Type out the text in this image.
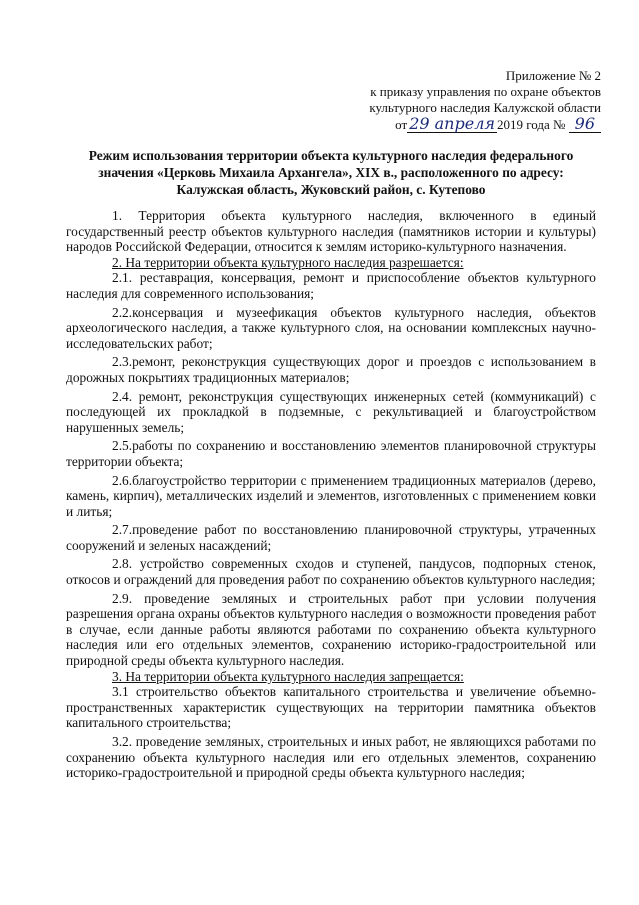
Приложение № 2
к приказу управления по охране объектов
культурного наследия Калужской области
от 29 апреля 2019 года № 96
Режим использования территории объекта культурного наследия федерального значения «Церковь Михаила Архангела», XIX в., расположенного по адресу: Калужская область, Жуковский район, с. Кутепово

1. Территория объекта культурного наследия, включенного в единый государственный реестр объектов культурного наследия (памятников истории и культуры) народов Российской Федерации, относится к землям историко-культурного назначения.

2. На территории объекта культурного наследия разрешается:

2.1. реставрация, консервация, ремонт и приспособление объектов культурного наследия для современного использования;

2.2.консервация и музеефикация объектов культурного наследия, объектов археологического наследия, а также культурного слоя, на основании комплексных научно-исследовательских работ;

2.3.ремонт, реконструкция существующих дорог и проездов с использованием в дорожных покрытиях традиционных материалов;

2.4. ремонт, реконструкция существующих инженерных сетей (коммуникаций) с последующей их прокладкой в подземные, с рекультивацией и благоустройством нарушенных земель;

2.5.работы по сохранению и восстановлению элементов планировочной структуры территории объекта;

2.6.благоустройство территории с применением традиционных материалов (дерево, камень, кирпич), металлических изделий и элементов, изготовленных с применением ковки и литья;

2.7.проведение работ по восстановлению планировочной структуры, утраченных сооружений и зеленых насаждений;

2.8. устройство современных сходов и ступеней, пандусов, подпорных стенок, откосов и ограждений для проведения работ по сохранению объектов культурного наследия;

2.9. проведение земляных и строительных работ при условии получения разрешения органа охраны объектов культурного наследия о возможности проведения работ в случае, если данные работы являются работами по сохранению объекта культурного наследия или его отдельных элементов, сохранению историко-градостроительной или природной среды объекта культурного наследия.

3. На территории объекта культурного наследия запрещается:

3.1 строительство объектов капитального строительства и увеличение объемно-пространственных характеристик существующих на территории памятника объектов капитального строительства;

3.2. проведение земляных, строительных и иных работ, не являющихся работами по сохранению объекта культурного наследия или его отдельных элементов, сохранению историко-градостроительной и природной среды объекта культурного наследия;
